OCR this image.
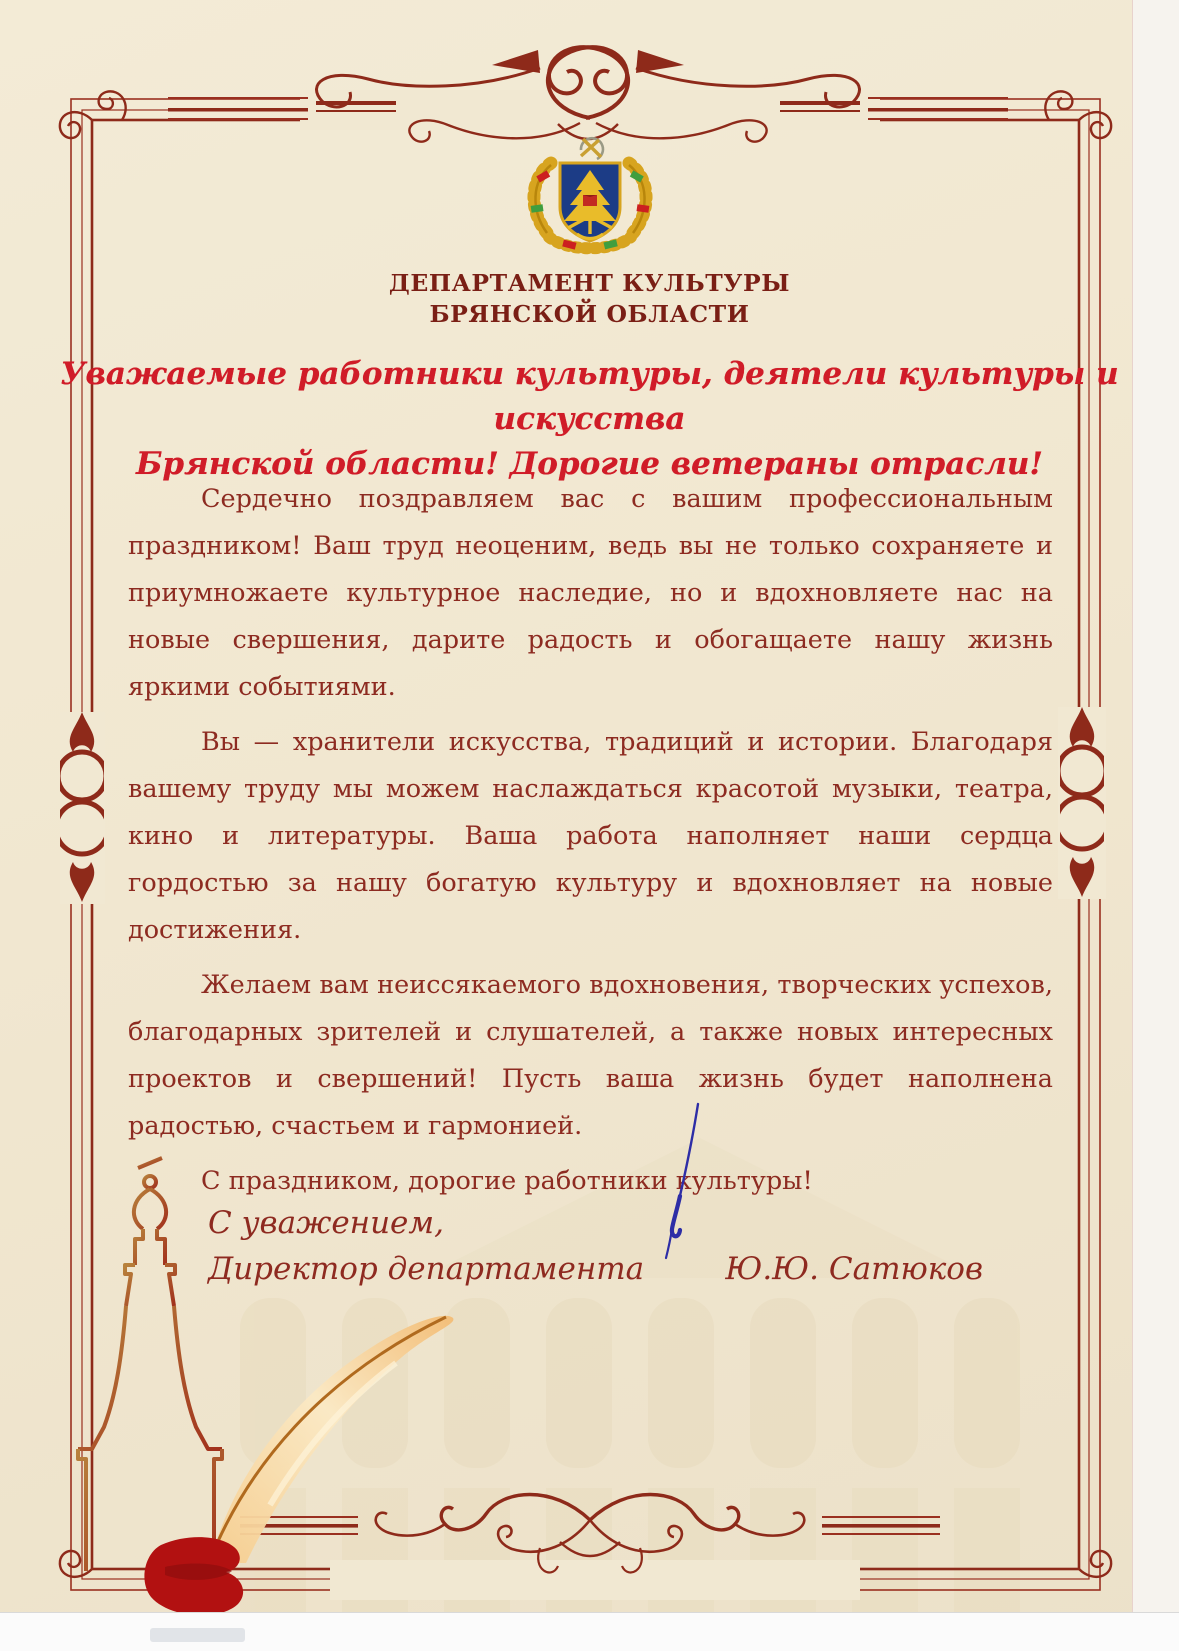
ДЕПАРТАМЕНТ КУЛЬТУРЫ
БРЯНСКОЙ ОБЛАСТИ
Уважаемые работники культуры, деятели культуры и искусства
Брянской области! Дорогие ветераны отрасли!

Сердечно поздравляем вас с вашим профессиональным праздником! Ваш труд неоценим, ведь вы не только сохраняете и приумножаете культурное наследие, но и вдохновляете нас на новые свершения, дарите радость и обогащаете нашу жизнь яркими событиями.

Вы — хранители искусства, традиций и истории. Благодаря вашему труду мы можем наслаждаться красотой музыки, театра, кино и литературы. Ваша работа наполняет наши сердца гордостью за нашу богатую культуру и вдохновляет на новые достижения.

Желаем вам неиссякаемого вдохновения, творческих успехов, благодарных зрителей и слушателей, а также новых интересных проектов и свершений! Пусть ваша жизнь будет наполнена радостью, счастьем и гармонией.

С праздником, дорогие работники культуры!

С уважением,
Директор департамента	Ю.Ю. Сатюков
